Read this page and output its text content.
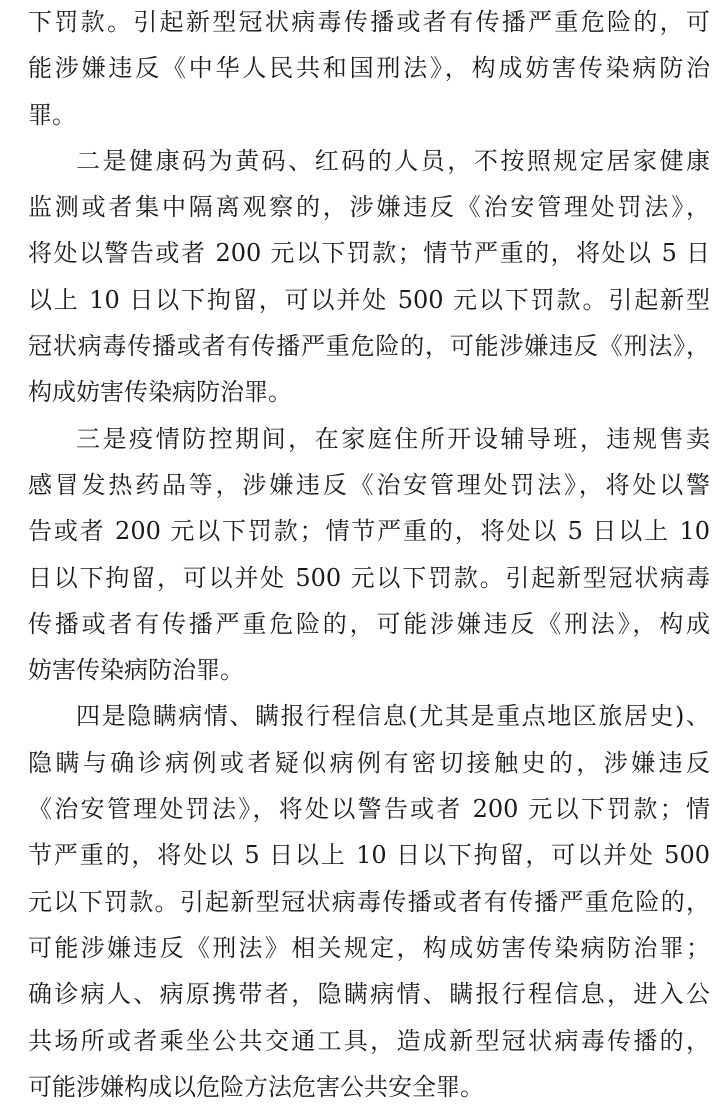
下罚款。引起新型冠状病毒传播或者有传播严重危险的，可
能涉嫌违反《中华人民共和国刑法》，构成妨害传染病防治
罪。
二是健康码为黄码、红码的人员，不按照规定居家健康
监测或者集中隔离观察的，涉嫌违反《治安管理处罚法》，
将处以警告或者 200 元以下罚款；情节严重的，将处以 5 日
以上 10 日以下拘留，可以并处 500 元以下罚款。引起新型
冠状病毒传播或者有传播严重危险的，可能涉嫌违反《刑法》，
构成妨害传染病防治罪。
三是疫情防控期间，在家庭住所开设辅导班，违规售卖
感冒发热药品等，涉嫌违反《治安管理处罚法》，将处以警
告或者 200 元以下罚款；情节严重的，将处以 5 日以上 10
日以下拘留，可以并处 500 元以下罚款。引起新型冠状病毒
传播或者有传播严重危险的，可能涉嫌违反《刑法》，构成
妨害传染病防治罪。
四是隐瞒病情、瞒报行程信息(尤其是重点地区旅居史)、
隐瞒与确诊病例或者疑似病例有密切接触史的，涉嫌违反
《治安管理处罚法》，将处以警告或者 200 元以下罚款；情
节严重的，将处以 5 日以上 10 日以下拘留，可以并处 500
元以下罚款。引起新型冠状病毒传播或者有传播严重危险的，
可能涉嫌违反《刑法》相关规定，构成妨害传染病防治罪；
确诊病人、病原携带者，隐瞒病情、瞒报行程信息，进入公
共场所或者乘坐公共交通工具，造成新型冠状病毒传播的，
可能涉嫌构成以危险方法危害公共安全罪。
